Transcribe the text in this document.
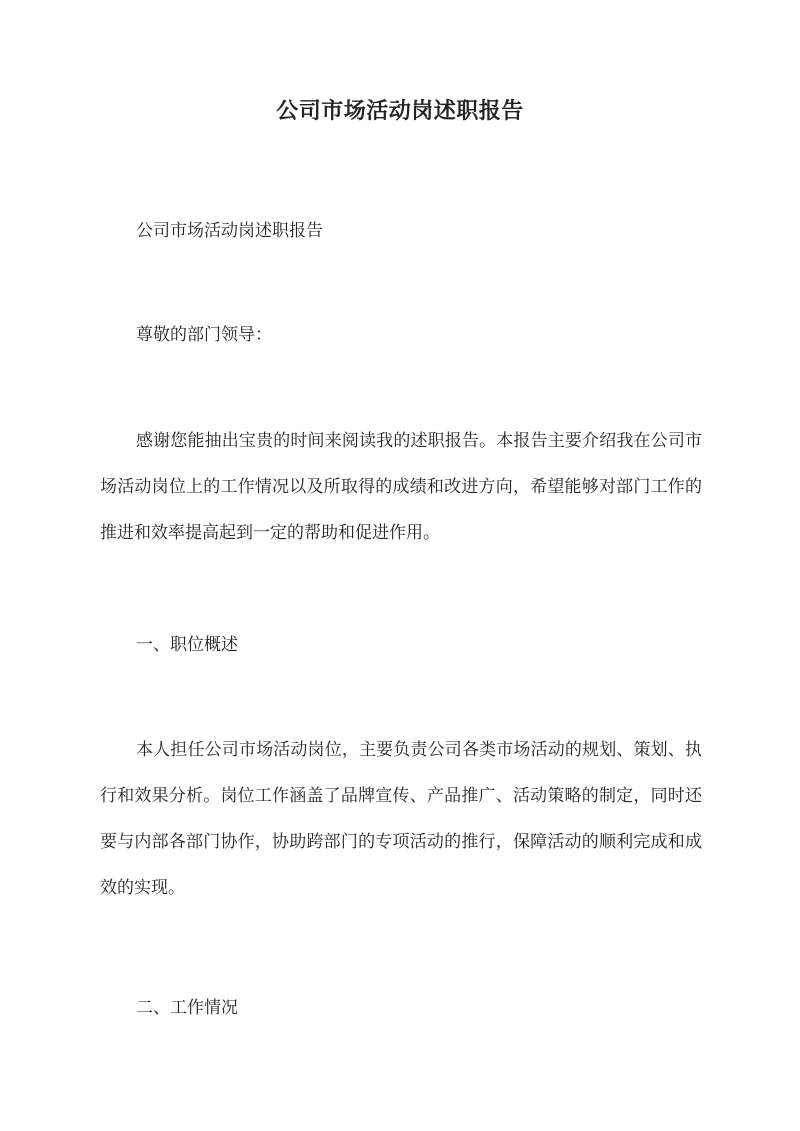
公司市场活动岗述职报告

公司市场活动岗述职报告

尊敬的部门领导：

感谢您能抽出宝贵的时间来阅读我的述职报告。本报告主要介绍我在公司市场活动岗位上的工作情况以及所取得的成绩和改进方向，希望能够对部门工作的推进和效率提高起到一定的帮助和促进作用。

一、职位概述

本人担任公司市场活动岗位，主要负责公司各类市场活动的规划、策划、执行和效果分析。岗位工作涵盖了品牌宣传、产品推广、活动策略的制定，同时还要与内部各部门协作，协助跨部门的专项活动的推行，保障活动的顺利完成和成效的实现。

二、工作情况
